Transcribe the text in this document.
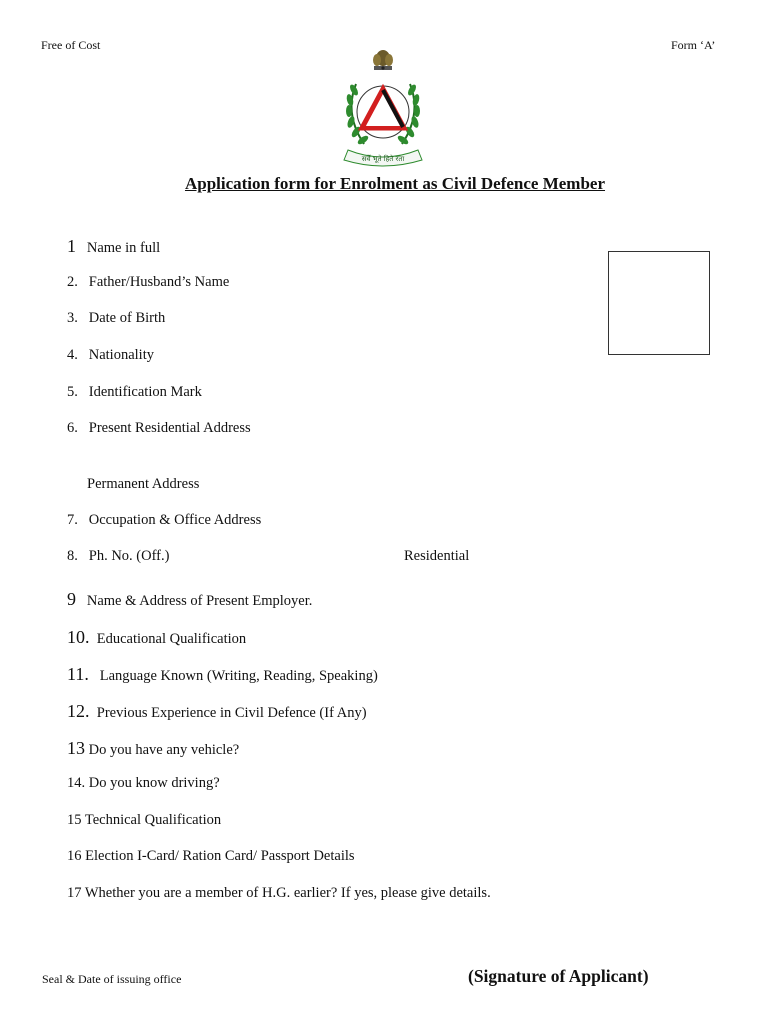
Free of Cost	Form ‘A’
सर्वे भूते हिते रता
Application form for Enrolment as Civil Defence Member
1 Name in full
2. Father/Husband’s Name
3. Date of Birth
4. Nationality
5. Identification Mark
6. Present Residential Address
Permanent Address
7. Occupation & Office Address
8. Ph. No. (Off.)	Residential
9 Name & Address of Present Employer.
10. Educational Qualification
11. Language Known (Writing, Reading, Speaking)
12. Previous Experience in Civil Defence (If Any)
13 Do you have any vehicle?
14. Do you know driving?
15 Technical Qualification
16 Election I-Card/ Ration Card/ Passport Details
17 Whether you are a member of H.G. earlier? If yes, please give details.
Seal & Date of issuing office	(Signature of Applicant)
